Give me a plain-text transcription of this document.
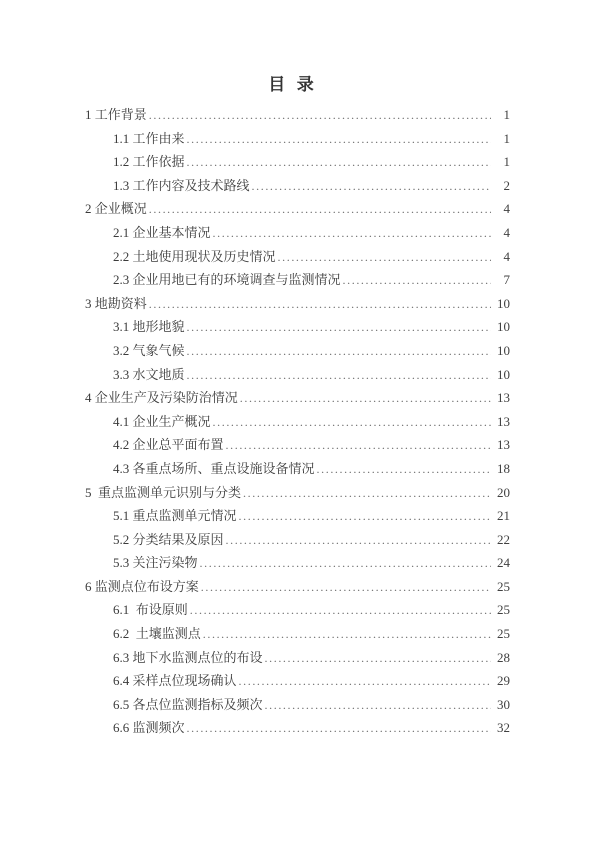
目  录
1 工作背景 .....	1
1.1 工作由来 .....	1
1.2 工作依据 .....	1
1.3 工作内容及技术路线 .....	2
2 企业概况 .....	4
2.1 企业基本情况 .....	4
2.2 土地使用现状及历史情况 .....	4
2.3 企业用地已有的环境调查与监测情况 .....	7
3 地勘资料 .....	10
3.1 地形地貌 .....	10
3.2 气象气候 .....	10
3.3 水文地质 .....	10
4 企业生产及污染防治情况 .....	13
4.1 企业生产概况 .....	13
4.2 企业总平面布置 .....	13
4.3 各重点场所、重点设施设备情况 .....	18
5  重点监测单元识别与分类 .....	20
5.1 重点监测单元情况 .....	21
5.2 分类结果及原因 .....	22
5.3 关注污染物 .....	24
6 监测点位布设方案 .....	25
6.1  布设原则 .....	25
6.2  土壤监测点 .....	25
6.3 地下水监测点位的布设 .....	28
6.4 采样点位现场确认 .....	29
6.5 各点位监测指标及频次 .....	30
6.6 监测频次 .....	32
